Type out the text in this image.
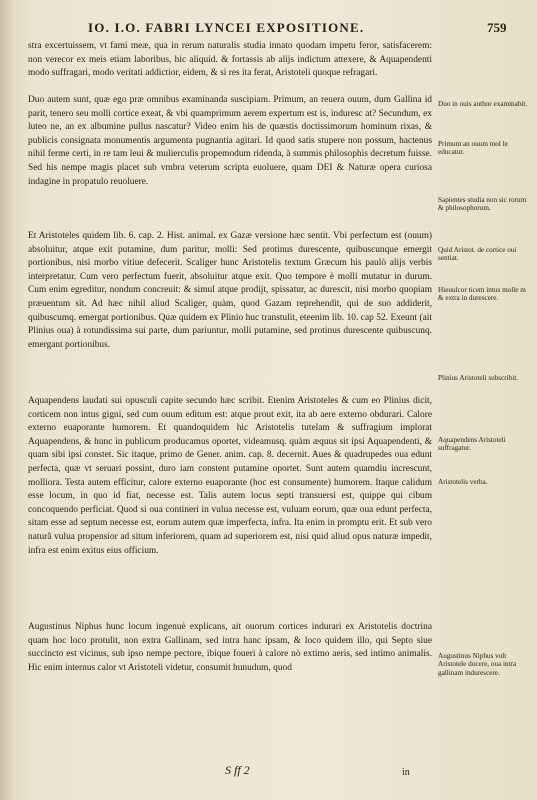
IO. I.O. FABRI LYNCEI EXPOSITIONE.	759

stra excertuissem, vt fami meæ, qua in rerum naturalis studia innato quodam impetu feror, satisfacerem: non verecor ex meis etiam laboribus, hic aliquid. & fortassis ab alijs indictum attexere, & Aquapendenti modo suffragari, modo veritati addictior, eidem, & si res ita ferat, Aristoteli quoque refragari.

Duo autem sunt, quæ ego præ omnibus examinanda suscipiam. Primum, an reuera ouum, dum Gallina id parit, tenero seu molli cortice exeat, & vbi quamprimum aerem expertum est is, induresc at? Secundum, ex luteo ne, an ex albumine pullus nascatur? Video enim his de quæstis doctissimorum hominum rixas, & publicis consignata monumentis argumenta pugnantia agitari. Id quod satis stupere non possum, hactenus nihil ferme certi, in re tam leui & mulierculis propemodum ridenda, à summis philosophis decretum fuisse. Sed his nempe magis placet sub vmbra veterum scripta euoluere, quam DEI & Naturæ opera curiosa indagine in propatulo reuoluere.

Et Aristoteles quidem lib. 6. cap. 2. Hist. animal. ex Gazæ versione hæc sentit. Vbi perfectum est (ouum) absoluitur, atque exit putamine, dum paritur, molli: Sed protinus durescente, quibuscunque emergit portionibus, nisi morbo vitiue defecerit. Scaliger hunc Aristotelis textum Græcum his paulò alijs verbis interpretatur. Cum vero perfectum fuerit, absoluitur atque exit. Quo tempore è molli mutatur in durum. Cum enim egreditur, nondum concreuit: & simul atque prodijt, spissatur, ac durescit, nisi morbo quopiam præuentum sit. Ad hæc nihil aliud Scaliger, quàm, quod Gazam reprehendit, qui de suo addiderit, quibuscumq. emergat portionibus. Quæ quidem ex Plinio huc transtulit, eteenim lib. 10. cap 52. Exeunt (ait Plinius oua) à rotundissima sui parte, dum pariuntur, molli putamine, sed protinus durescente quibuscunq. emergant portionibus.

Aquapendens laudati sui opusculi capite secundo hæc scribit. Etenim Aristoteles & cum eo Plinius dicit, corticem non intus gigni, sed cum ouum editum est: atque prout exit, ita ab aere externo obdurari. Calore externo euaporante humorem. Et quandoquidem hic Aristotelis tutelam & suffragium implorat Aquapendens, & hunc in publicum producamus oportet, videamusq. quàm æquus sit ipsi Aquapendenti, & quam sibi ipsi constet. Sic itaque, primo de Gener. anim. cap. 8. decernit. Aues & quadrupedes oua edunt perfecta, quæ vt seruari possint, duro iam constent putamine oportet. Sunt autem quamdiu increscunt, molliora. Testa autem efficitur, calore externo euaporante (hoc est consumente) humorem. Itaque calidum esse locum, in quo id fiat, necesse est. Talis autem locus septi transuersi est, quippe qui cibum concoquendo perficiat. Quod si oua contineri in vulua necesse est, vuluam eorum, quæ oua edunt perfecta, sitam esse ad septum necesse est, eorum autem quæ imperfecta, infra. Ita enim in promptu erit. Et sub vero naturâ vulua propensior ad situm inferiorem, quam ad superiorem est, nisi quid aliud opus naturæ impedit, infra est enim exitus eius officium.

Augustinus Niphus hunc locum ingenuè explicans, ait ouorum cortices indurari ex Aristotelis doctrina quam hoc loco protulit, non extra Gallinam, sed intra hanc ipsam, & loco quidem illo, qui Septo siue succincto est vicinus, sub ipso nempe pectore, ibique foueri à calore nò extimo aeris, sed intimo animalis. Hic enim internus calor vt Aristoteli videtur, consumit hunudum, quod

Duo in ouis author examinabit.
Primum an ouum mol le educatur.
Sapientes studia non sic rorum & philosophorum.
Quid Aristot. de cortice oui sentiat.
Hieuulcor ticem intus molle m & extra in durescere.
Plinius Aristoteli subscribit.
Aquapendens Aristoteli suffragatur.
Aristotelis verba.
Augustinus Niphus vult Aristotele docere, oua intra gallinam indurescere.
S ff 2	in
